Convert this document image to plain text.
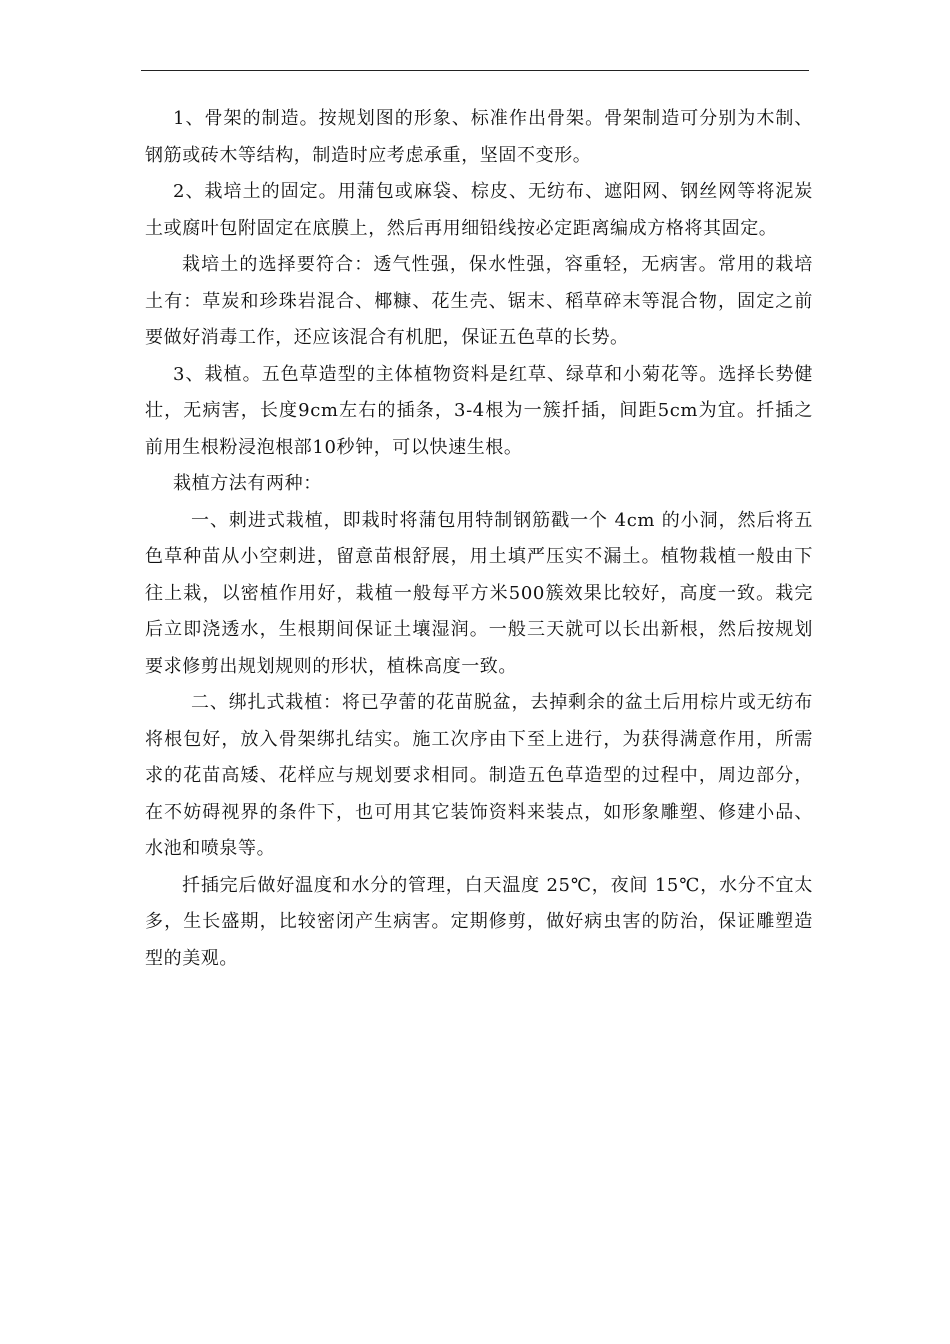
1、骨架的制造。按规划图的形象、标准作出骨架。骨架制造可分别为木制、钢筋或砖木等结构，制造时应考虑承重，坚固不变形。

2、栽培土的固定。用蒲包或麻袋、棕皮、无纺布、遮阳网、钢丝网等将泥炭土或腐叶包附固定在底膜上，然后再用细铅线按必定距离编成方格将其固定。

栽培土的选择要符合：透气性强，保水性强，容重轻，无病害。常用的栽培土有：草炭和珍珠岩混合、椰糠、花生壳、锯末、稻草碎末等混合物，固定之前要做好消毒工作，还应该混合有机肥，保证五色草的长势。

3、栽植。五色草造型的主体植物资料是红草、绿草和小菊花等。选择长势健壮，无病害，长度9cm左右的插条，3-4根为一簇扦插，间距5cm为宜。扦插之前用生根粉浸泡根部10秒钟，可以快速生根。

栽植方法有两种：

一、刺进式栽植，即栽时将蒲包用特制钢筋戳一个 4cm 的小洞，然后将五色草种苗从小空刺进，留意苗根舒展，用土填严压实不漏土。植物栽植一般由下往上栽，以密植作用好，栽植一般每平方米500簇效果比较好，高度一致。栽完后立即浇透水，生根期间保证土壤湿润。一般三天就可以长出新根，然后按规划要求修剪出规划规则的形状，植株高度一致。

二、绑扎式栽植：将已孕蕾的花苗脱盆，去掉剩余的盆土后用棕片或无纺布将根包好，放入骨架绑扎结实。施工次序由下至上进行，为获得满意作用，所需求的花苗高矮、花样应与规划要求相同。制造五色草造型的过程中，周边部分，在不妨碍视界的条件下，也可用其它装饰资料来装点，如形象雕塑、修建小品、水池和喷泉等。

扦插完后做好温度和水分的管理，白天温度 25℃，夜间 15℃，水分不宜太多，生长盛期，比较密闭产生病害。定期修剪，做好病虫害的防治，保证雕塑造型的美观。
